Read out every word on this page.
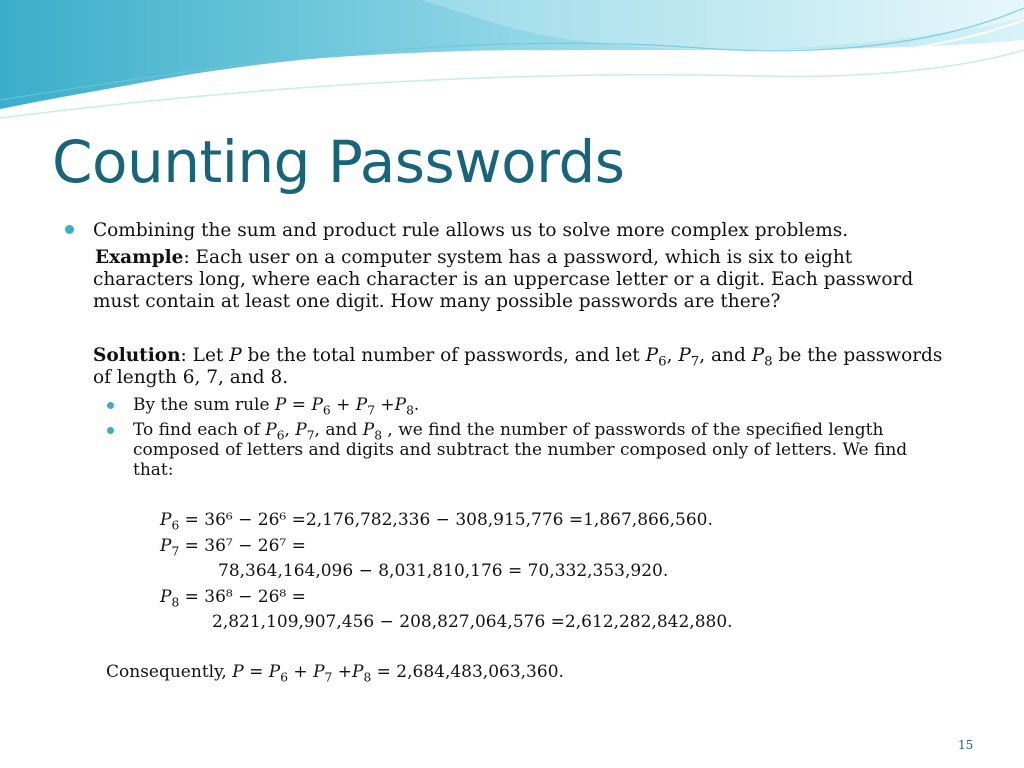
Counting Passwords
Combining the sum and product rule allows us to solve more complex problems.
Example: Each user on a computer system has a password, which is six to eight characters long, where each character is an uppercase letter or a digit. Each password must contain at least one digit. How many possible passwords are there?
Solution: Let P be the total number of passwords, and let $P_6$, $P_7$, and $P_8$ be the passwords of length 6, 7, and 8.
By the sum rule $P = P_6 + P_7 +P_8$.
To find each of $P_6$, $P_7$, and $P_8$ , we find the number of passwords of the specified length composed of letters and digits and subtract the number composed only of letters. We find that:
$P_6 = 36^6 - 26^6 =2,176,782,336 - 308,915,776 =1,867,866,560$.
$P_7 = 36^7 - 26^7$ =
78,364,164,096 − 8,031,810,176 = 70,332,353,920.
$P_8 = 36^8 - 26^8$ =
2,821,109,907,456 − 208,827,064,576 =2,612,282,842,880.
Consequently, $P = P_6 + P_7 +P_8 = 2,684,483,063,360$.
15
